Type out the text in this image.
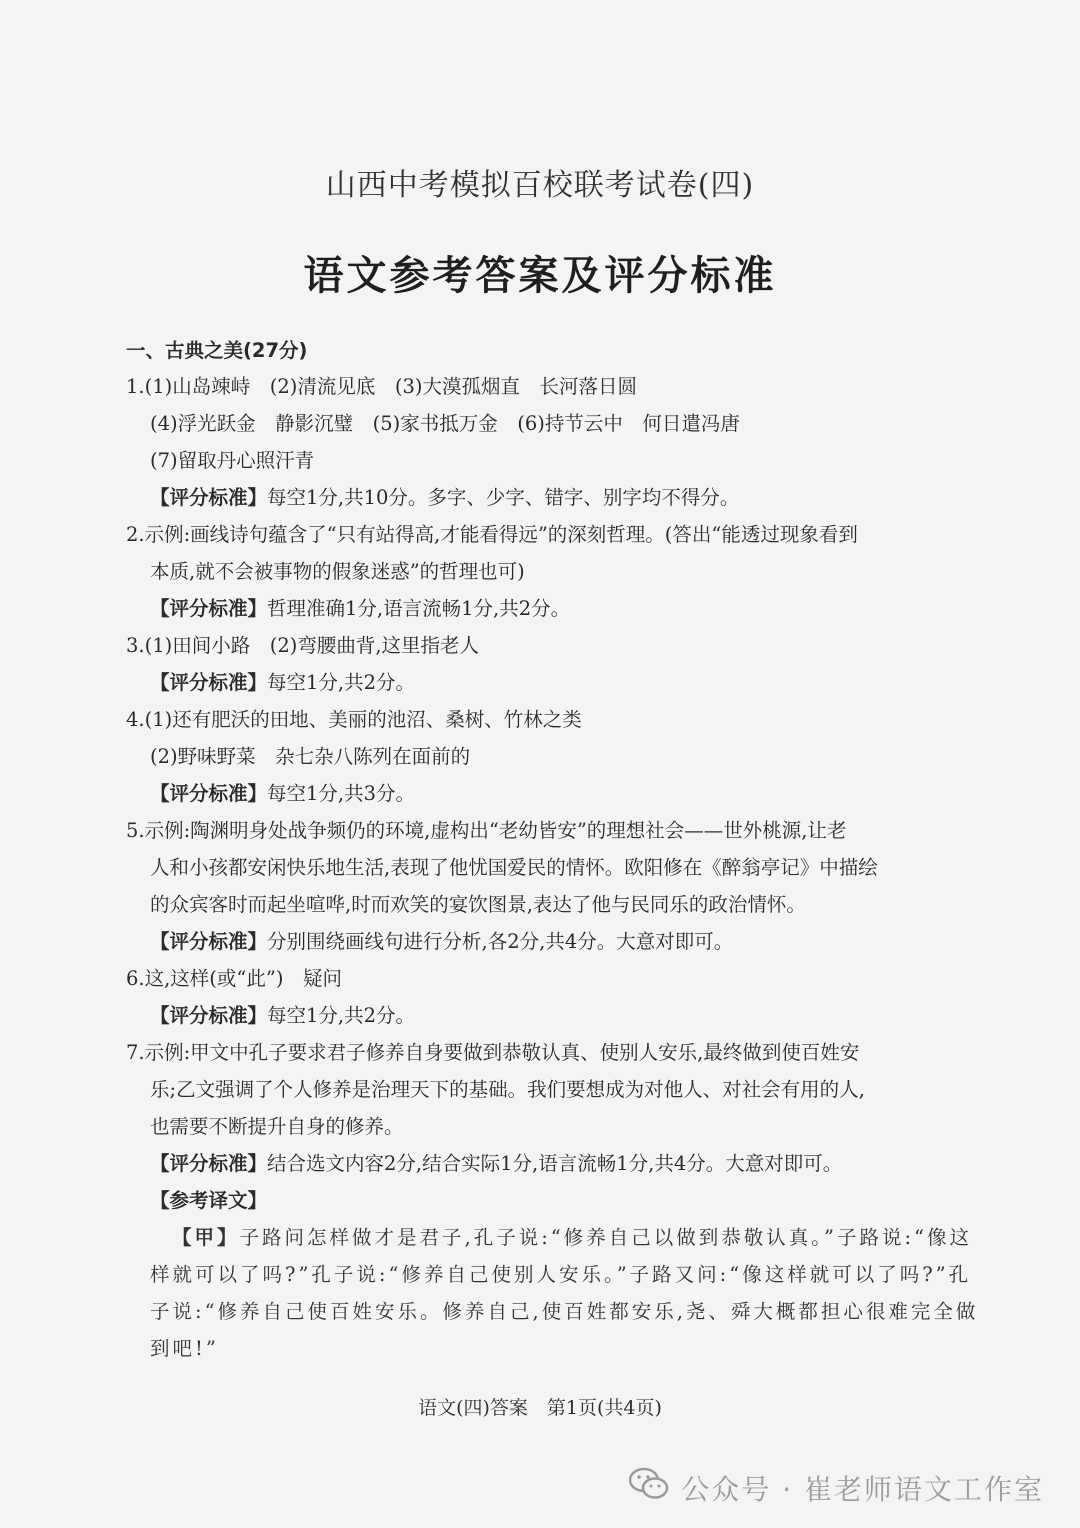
山西中考模拟百校联考试卷(四)
语文参考答案及评分标准
一、古典之美(27分)
1.(1)山岛竦峙　(2)清流见底　(3)大漠孤烟直　长河落日圆
(4)浮光跃金　静影沉璧　(5)家书抵万金　(6)持节云中　何日遣冯唐
(7)留取丹心照汗青
【评分标准】每空1分,共10分。多字、少字、错字、别字均不得分。
2.示例:画线诗句蕴含了“只有站得高,才能看得远”的深刻哲理。(答出“能透过现象看到
本质,就不会被事物的假象迷惑”的哲理也可)
【评分标准】哲理准确1分,语言流畅1分,共2分。
3.(1)田间小路　(2)弯腰曲背,这里指老人
【评分标准】每空1分,共2分。
4.(1)还有肥沃的田地、美丽的池沼、桑树、竹林之类
(2)野味野菜　杂七杂八陈列在面前的
【评分标准】每空1分,共3分。
5.示例:陶渊明身处战争频仍的环境,虚构出“老幼皆安”的理想社会——世外桃源,让老
人和小孩都安闲快乐地生活,表现了他忧国爱民的情怀。欧阳修在《醉翁亭记》中描绘
的众宾客时而起坐喧哗,时而欢笑的宴饮图景,表达了他与民同乐的政治情怀。
【评分标准】分别围绕画线句进行分析,各2分,共4分。大意对即可。
6.这,这样(或“此”)　疑问
【评分标准】每空1分,共2分。
7.示例:甲文中孔子要求君子修养自身要做到恭敬认真、使别人安乐,最终做到使百姓安
乐;乙文强调了个人修养是治理天下的基础。我们要想成为对他人、对社会有用的人,
也需要不断提升自身的修养。
【评分标准】结合选文内容2分,结合实际1分,语言流畅1分,共4分。大意对即可。
【参考译文】
【甲】子路问怎样做才是君子,孔子说:“修养自己以做到恭敬认真。”子路说:“像这
样就可以了吗?”孔子说:“修养自己使别人安乐。”子路又问:“像这样就可以了吗?”孔
子说:“修养自己使百姓安乐。修养自己,使百姓都安乐,尧、舜大概都担心很难完全做
到吧!”
语文(四)答案　第1页(共4页)
公众号 · 崔老师语文工作室
